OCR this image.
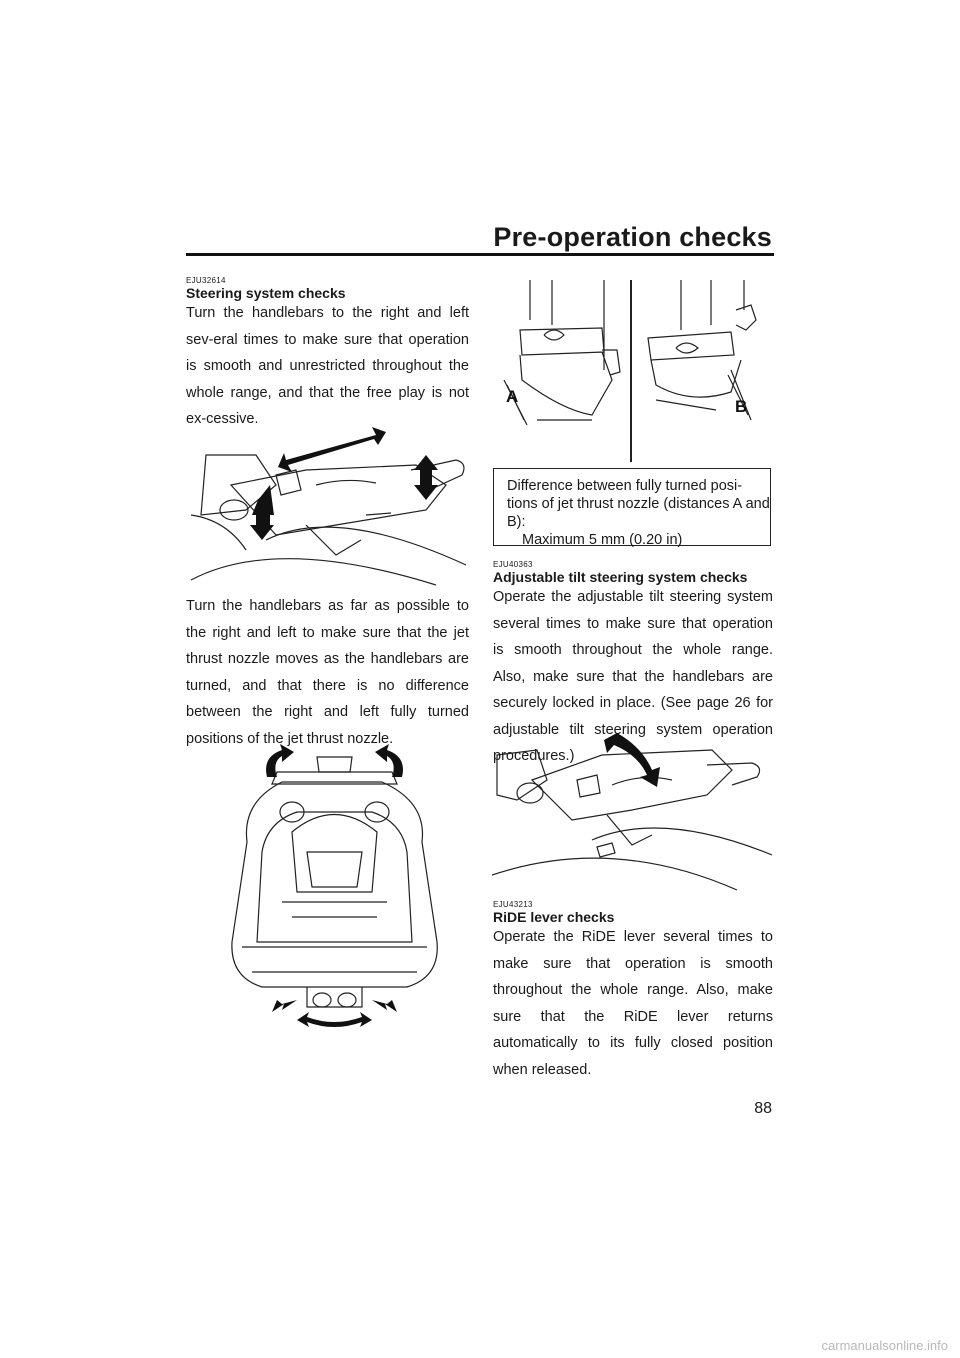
Pre-operation checks
EJU32614
Steering system checks
Turn the handlebars to the right and left sev-eral times to make sure that operation is smooth and unrestricted throughout the whole range, and that the free play is not ex-cessive.
Turn the handlebars as far as possible to the right and left to make sure that the jet thrust nozzle moves as the handlebars are turned, and that there is no difference between the right and left fully turned positions of the jet thrust nozzle.
A
B
Difference between fully turned posi-tions of jet thrust nozzle (distances A and B):
Maximum 5 mm (0.20 in)
EJU40363
Adjustable tilt steering system checks
Operate the adjustable tilt steering system several times to make sure that operation is smooth throughout the whole range. Also, make sure that the handlebars are securely locked in place. (See page 26 for adjustable tilt steering system operation procedures.)
EJU43213
RiDE lever checks
Operate the RiDE lever several times to make sure that operation is smooth throughout the whole range. Also, make sure that the RiDE lever returns automatically to its fully closed position when released.
88
carmanualsonline.info
